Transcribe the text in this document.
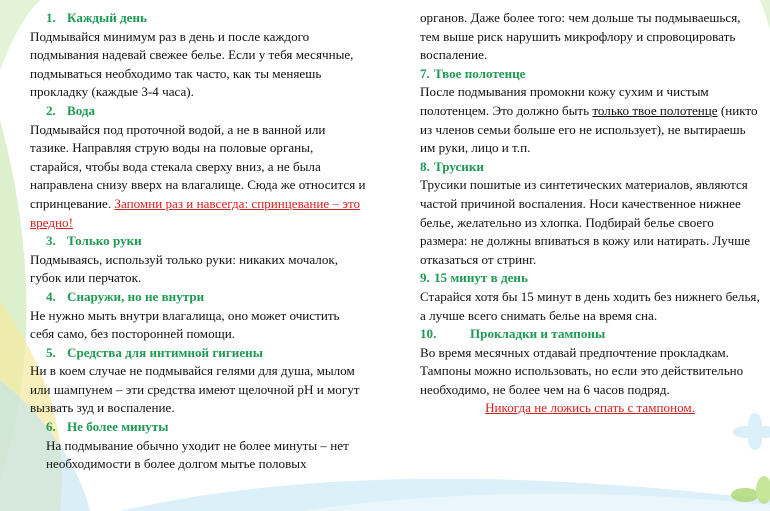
1. Каждый день

Подмывайся минимум раз в день и после каждого подмывания надевай свежее белье. Если у тебя месячные, подмываться необходимо так часто, как ты меняешь прокладку (каждые 3-4 часа).

2. Вода

Подмывайся под проточной водой, а не в ванной или тазике. Направляя струю воды на половые органы, старайся, чтобы вода стекала сверху вниз, а не была направлена снизу вверх на влагалище. Сюда же относится и спринцевание. Запомни раз и навсегда: спринцевание – это вредно!

3. Только руки

Подмываясь, используй только руки: никаких мочалок, губок или перчаток.

4. Снаружи, но не внутри

Не нужно мыть внутри влагалища, оно может очистить себя само, без посторонней помощи.

5. Средства для интимной гигиены

Ни в коем случае не подмывайся гелями для душа, мылом или шампунем – эти средства имеют щелочной pH и могут вызвать зуд и воспаление.

6. Не более минуты

На подмывание обычно уходит не более минуты – нет необходимости в более долгом мытье половых

органов. Даже более того: чем дольше ты подмываешься, тем выше риск нарушить микрофлору и спровоцировать воспаление.

7. Твое полотенце

После подмывания промокни кожу сухим и чистым полотенцем. Это должно быть только твое полотенце (никто из членов семьи больше его не использует), не вытираешь им руки, лицо и т.п.

8. Трусики

Трусики пошитые из синтетических материалов, являются частой причиной воспаления. Носи качественное нижнее белье, желательно из хлопка. Подбирай белье своего размера: не должны впиваться в кожу или натирать. Лучше отказаться от стринг.

9. 15 минут в день

Старайся хотя бы 15 минут в день ходить без нижнего белья, а лучше всего снимать белье на время сна.

10.	Прокладки и тампоны

Во время месячных отдавай предпочтение прокладкам. Тампоны можно использовать, но если это действительно необходимо, не более чем на 6 часов подряд.

Никогда не ложись спать с тампоном.
